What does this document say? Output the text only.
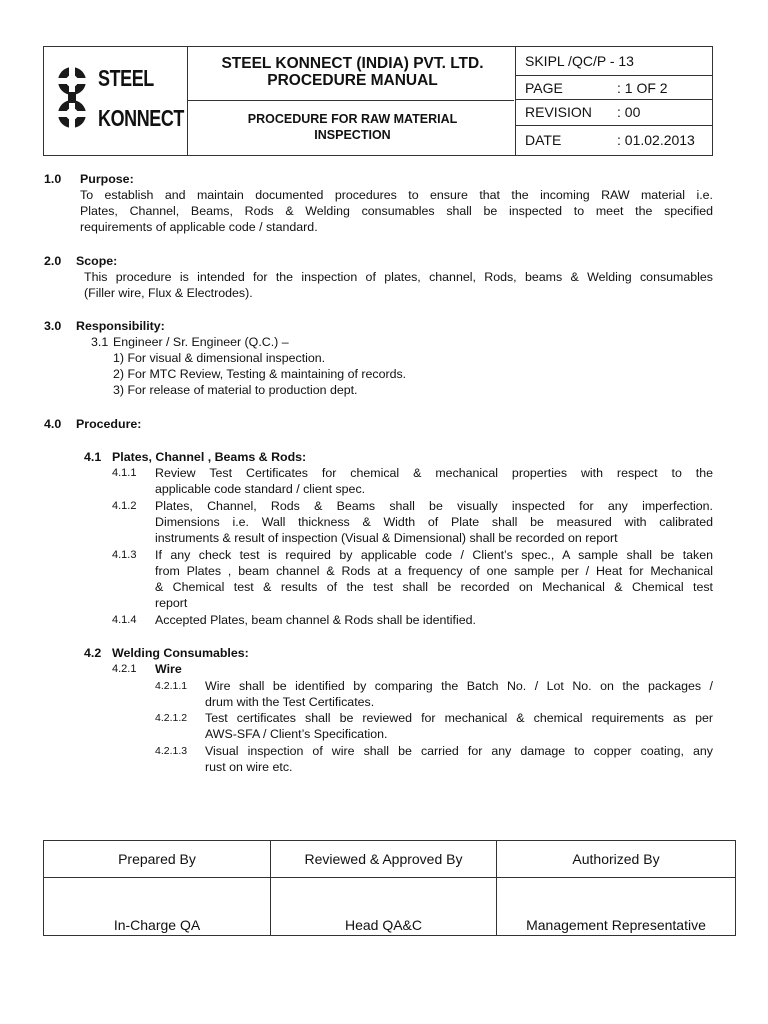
STEEL
KONNECT
STEEL KONNECT (INDIA) PVT. LTD.
PROCEDURE MANUAL
PROCEDURE FOR RAW MATERIAL
INSPECTION
SKIPL /QC/P - 13
PAGE	: 1 OF 2
REVISION : 00
DATE	: 01.02.2013
1.0 Purpose:
To establish and maintain documented procedures to ensure that the incoming RAW material i.e.
Plates, Channel, Beams, Rods & Welding consumables shall be inspected to meet the specified
requirements of applicable code / standard.
2.0 Scope:
This procedure is intended for the inspection of plates, channel, Rods, beams & Welding consumables
(Filler wire, Flux & Electrodes).
3.0 Responsibility:
3.1 Engineer / Sr. Engineer (Q.C.) –
1) For visual & dimensional inspection.
2) For MTC Review, Testing & maintaining of records.
3) For release of material to production dept.
4.0 Procedure:
4.1 Plates, Channel , Beams & Rods:
4.1.1 Review Test Certificates for chemical & mechanical properties with respect to the
applicable code standard / client spec.
4.1.2 Plates, Channel, Rods & Beams shall be visually inspected for any imperfection.
Dimensions i.e. Wall thickness & Width of Plate shall be measured with calibrated
instruments & result of inspection (Visual & Dimensional) shall be recorded on report
4.1.3 If any check test is required by applicable code / Client’s spec., A sample shall be taken
from Plates , beam channel & Rods at a frequency of one sample per / Heat for Mechanical
& Chemical test & results of the test shall be recorded on Mechanical & Chemical test
report
4.1.4 Accepted Plates, beam channel & Rods shall be identified.
4.2 Welding Consumables:
4.2.1 Wire
4.2.1.1 Wire shall be identified by comparing the Batch No. / Lot No. on the packages /
drum with the Test Certificates.
4.2.1.2 Test certificates shall be reviewed for mechanical & chemical requirements as per
AWS-SFA / Client’s Specification.
4.2.1.3 Visual inspection of wire shall be carried for any damage to copper coating, any
rust on wire etc.
Prepared By	Reviewed & Approved By	Authorized By
In-Charge QA	Head QA&C	Management Representative
